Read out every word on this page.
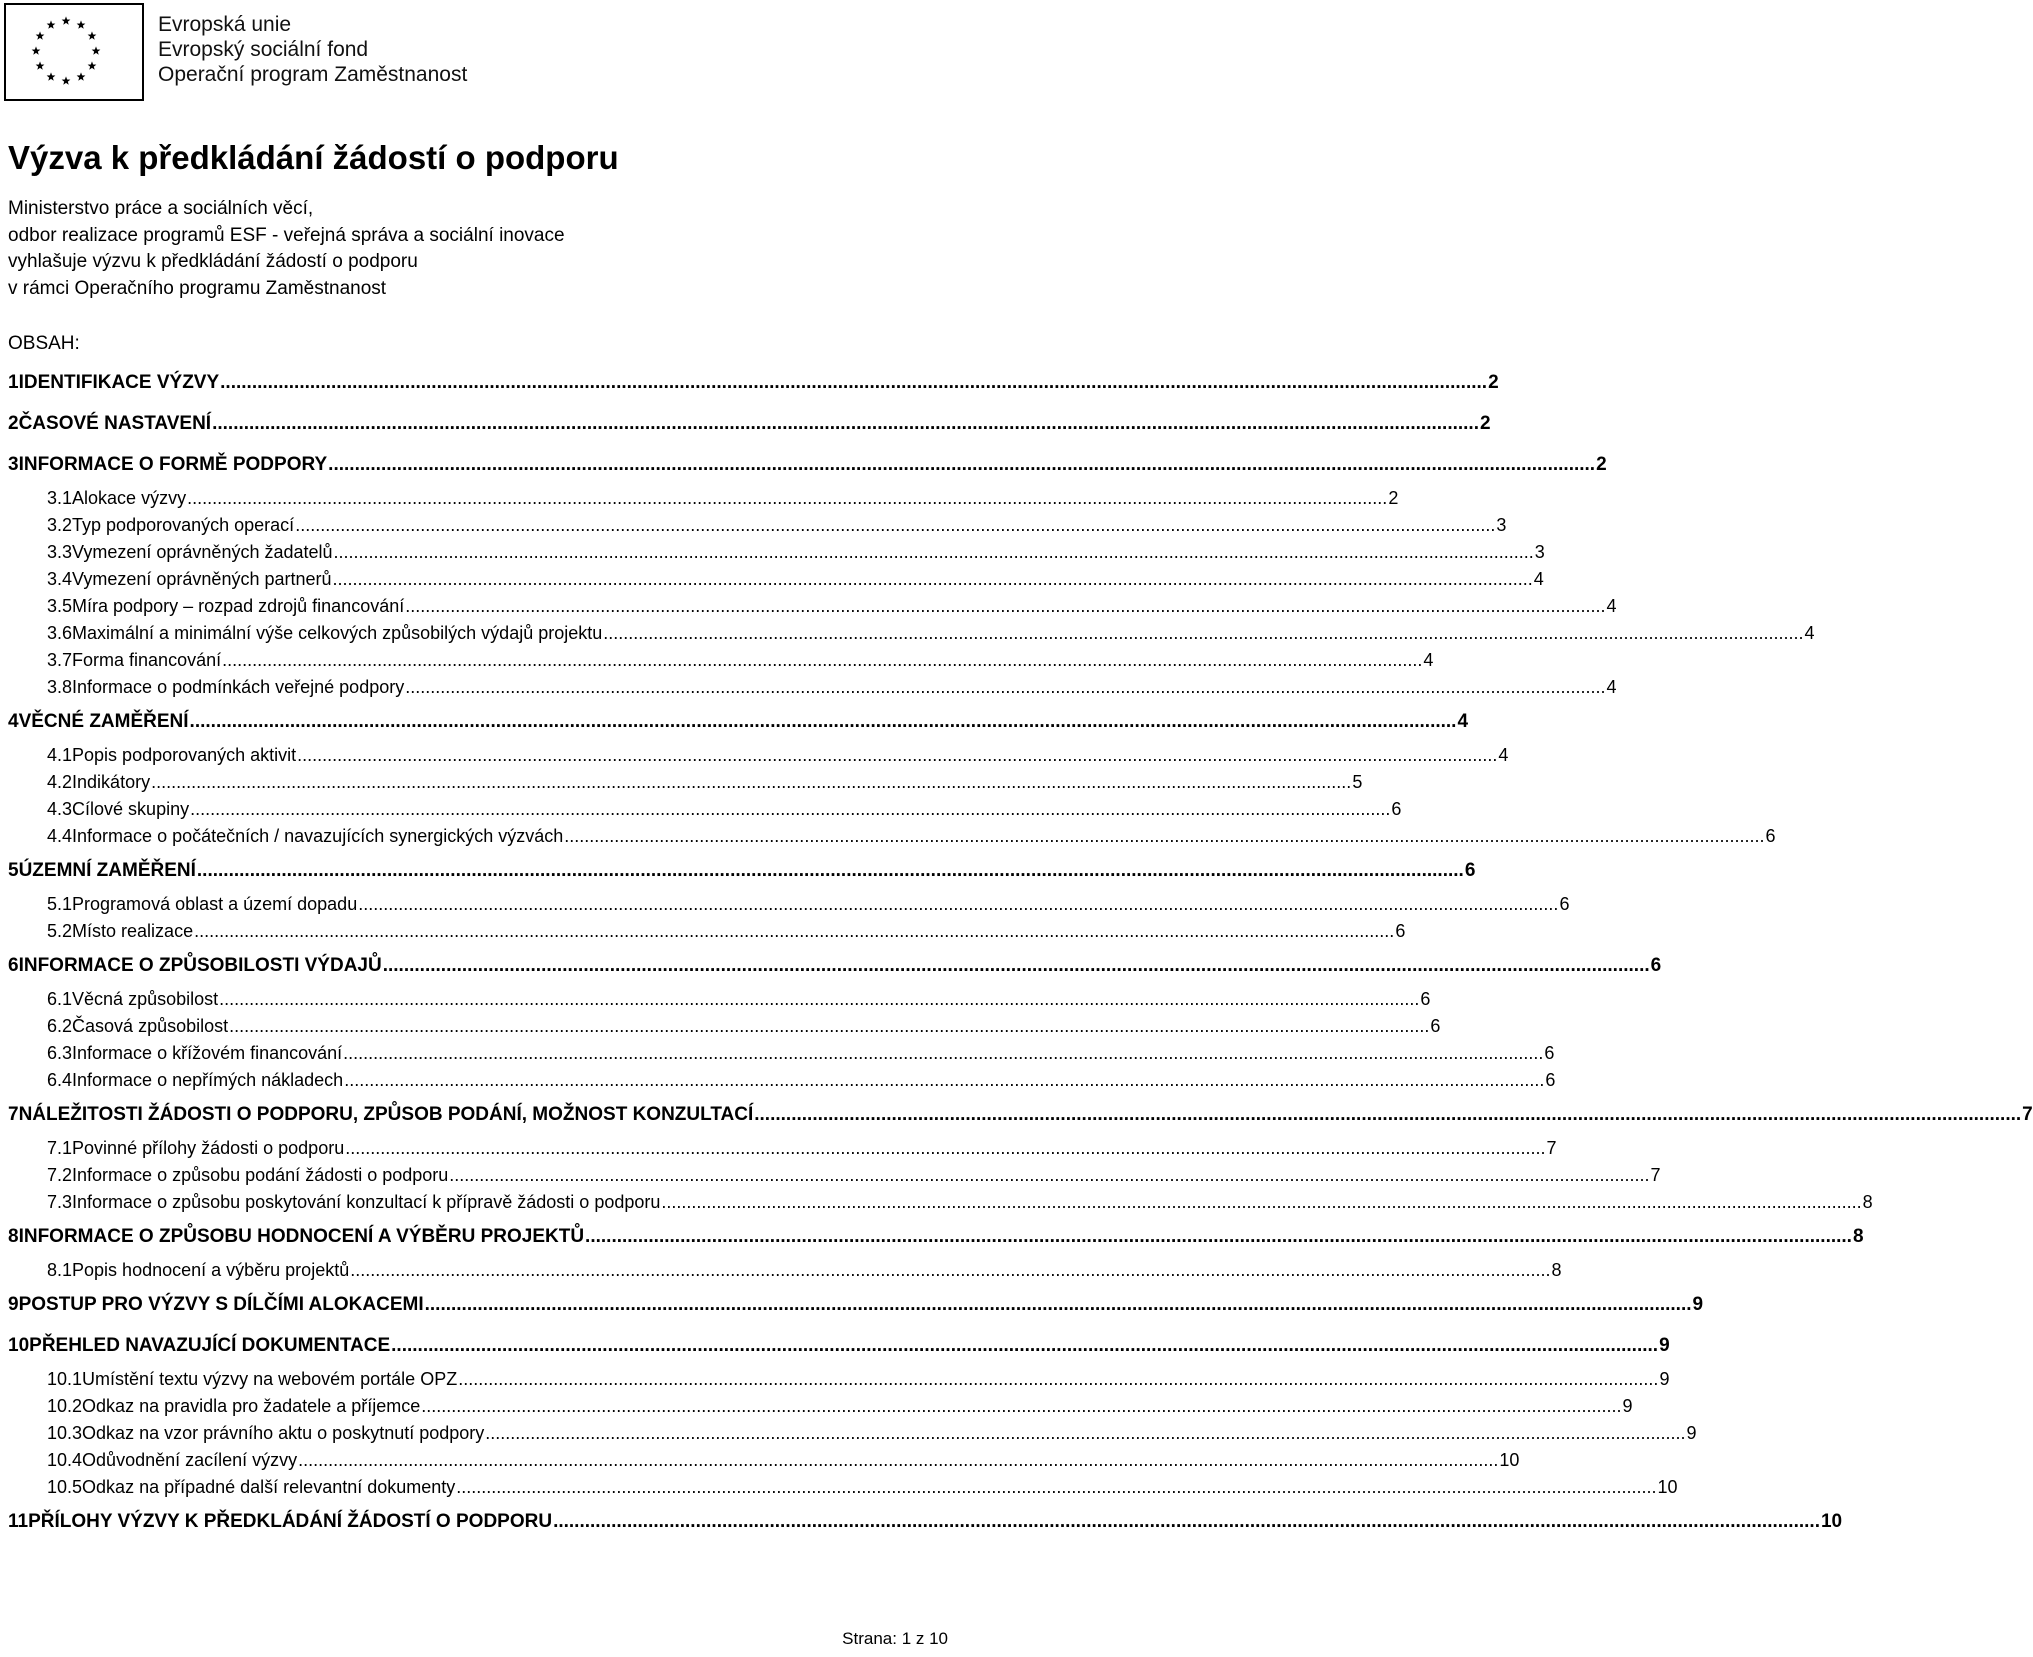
Evropská unie
Evropský sociální fond
Operační program Zaměstnanost
Výzva k předkládání žádostí o podporu
Ministerstvo práce a sociálních věcí,
odbor realizace programů ESF - veřejná správa a sociální inovace
vyhlašuje výzvu k předkládání žádostí o podporu
v rámci Operačního programu Zaměstnanost
OBSAH:
1 IDENTIFIKACE VÝZVY .....	2
2 ČASOVÉ NASTAVENÍ .....	2
3 INFORMACE O FORMĚ PODPORY .....	2
3.1 Alokace výzvy .....	2
3.2 Typ podporovaných operací .....	3
3.3 Vymezení oprávněných žadatelů .....	3
3.4 Vymezení oprávněných partnerů .....	4
3.5 Míra podpory – rozpad zdrojů financování .....	4
3.6 Maximální a minimální výše celkových způsobilých výdajů projektu .....	4
3.7 Forma financování .....	4
3.8 Informace o podmínkách veřejné podpory .....	4
4 VĚCNÉ ZAMĚŘENÍ .....	4
4.1 Popis podporovaných aktivit .....	4
4.2 Indikátory .....	5
4.3 Cílové skupiny .....	6
4.4 Informace o počátečních / navazujících synergických výzvách .....	6
5 ÚZEMNÍ ZAMĚŘENÍ .....	6
5.1 Programová oblast a území dopadu .....	6
5.2 Místo realizace .....	6
6 INFORMACE O ZPŮSOBILOSTI VÝDAJŮ .....	6
6.1 Věcná způsobilost .....	6
6.2 Časová způsobilost .....	6
6.3 Informace o křížovém financování .....	6
6.4 Informace o nepřímých nákladech .....	6
7 NÁLEŽITOSTI ŽÁDOSTI O PODPORU, ZPŮSOB PODÁNÍ, MOŽNOST KONZULTACÍ .....	7
7.1 Povinné přílohy žádosti o podporu .....	7
7.2 Informace o způsobu podání žádosti o podporu .....	7
7.3 Informace o způsobu poskytování konzultací k přípravě žádosti o podporu .....	8
8 INFORMACE O ZPŮSOBU HODNOCENÍ A VÝBĚRU PROJEKTŮ .....	8
8.1 Popis hodnocení a výběru projektů .....	8
9 POSTUP PRO VÝZVY S DÍLČÍMI ALOKACEMI .....	9
10 PŘEHLED NAVAZUJÍCÍ DOKUMENTACE .....	9
10.1 Umístění textu výzvy na webovém portále OPZ .....	9
10.2 Odkaz na pravidla pro žadatele a příjemce .....	9
10.3 Odkaz na vzor právního aktu o poskytnutí podpory .....	9
10.4 Odůvodnění zacílení výzvy .....	10
10.5 Odkaz na případné další relevantní dokumenty .....	10
11 PŘÍLOHY VÝZVY K PŘEDKLÁDÁNÍ ŽÁDOSTÍ O PODPORU .....	10
Strana: 1 z 10
